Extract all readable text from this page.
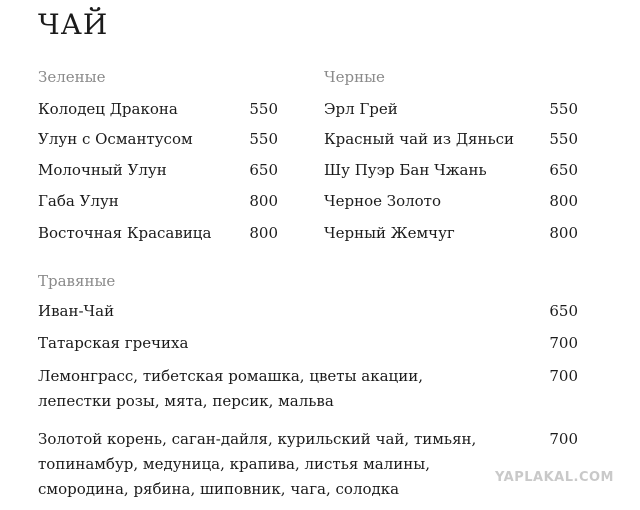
ЧАЙ
Зеленые
Колодец Дракона	550
Улун с Османтусом	550
Молочный Улун	650
Габа Улун	800
Восточная Красавица	800
Черные
Эрл Грей	550
Красный чай из Дяньси 550
Шу Пуэр Бан Чжань	650
Черное Золото	800
Черный Жемчуг	800
Травяные
Иван-Чай	650
Татарская гречиха	700
Лемонграсс, тибетская ромашка, цветы акации,
лепестки розы, мята, персик, мальва
700
Золотой корень, саган-дайля, курильский чай, тимьян,
топинамбур, медуница, крапива, листья малины,
смородина, рябина, шиповник, чага, солодка
700
YAPLAKAL.COM
